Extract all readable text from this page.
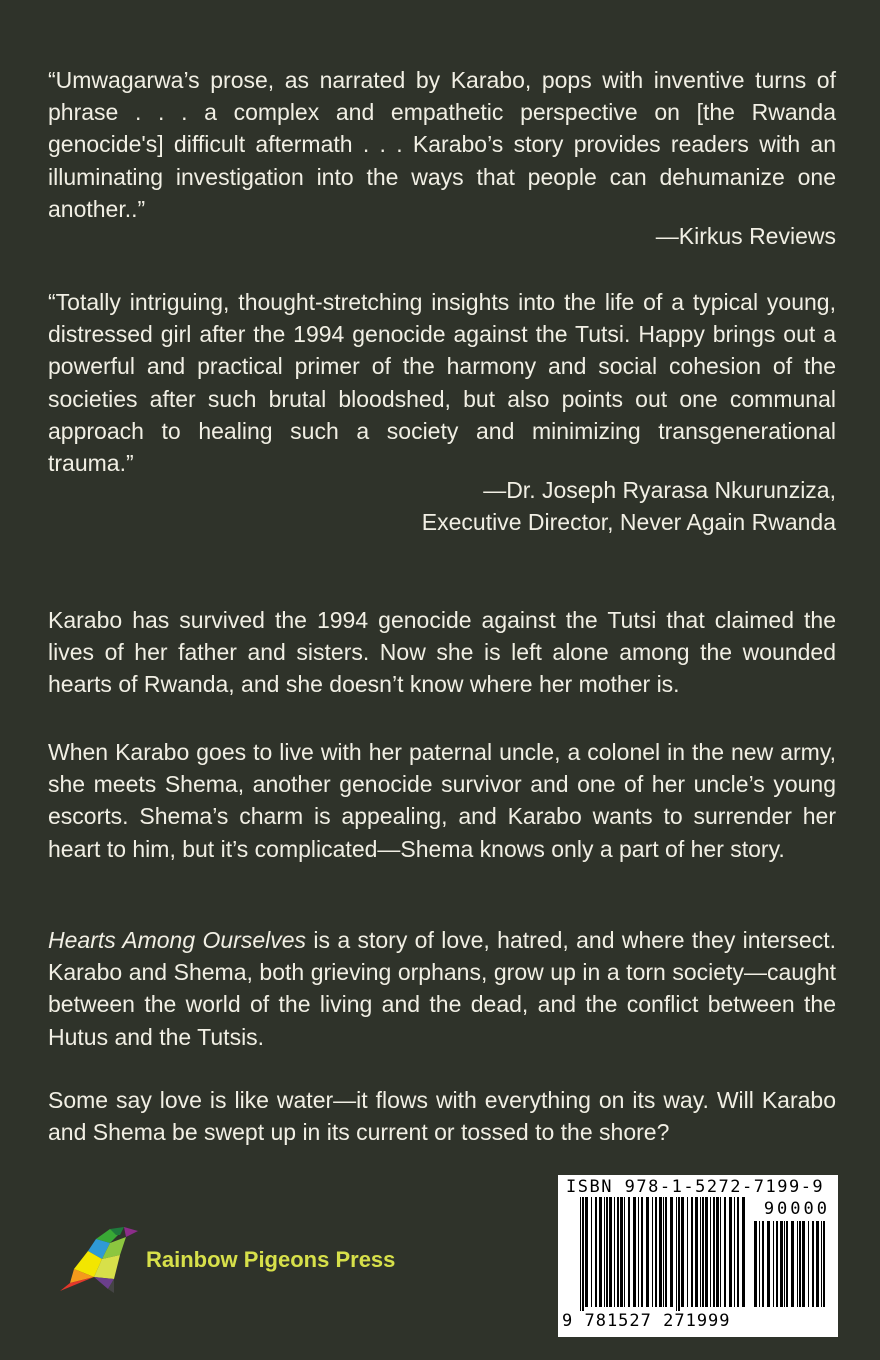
“Umwagarwa’s prose, as narrated by Karabo, pops with inventive turns of phrase . . . a complex and empathetic perspective on [the Rwanda genocide's] difficult aftermath . . . Karabo’s story provides readers with an illuminating investigation into the ways that people can dehumanize one another..”

—Kirkus Reviews

“Totally intriguing, thought-stretching insights into the life of a typical young, distressed girl after the 1994 genocide against the Tutsi. Happy brings out a powerful and practical primer of the harmony and social cohesion of the societies after such brutal bloodshed, but also points out one communal approach to healing such a society and minimizing transgenerational trauma.”

—Dr. Joseph Ryarasa Nkurunziza,
Executive Director, Never Again Rwanda

Karabo has survived the 1994 genocide against the Tutsi that claimed the lives of her father and sisters. Now she is left alone among the wounded hearts of Rwanda, and she doesn’t know where her mother is.

When Karabo goes to live with her paternal uncle, a colonel in the new army, she meets Shema, another genocide survivor and one of her uncle’s young escorts. Shema’s charm is appealing, and Karabo wants to surrender her heart to him, but it’s complicated—Shema knows only a part of her story.

Hearts Among Ourselves is a story of love, hatred, and where they intersect. Karabo and Shema, both grieving orphans, grow up in a torn society—caught between the world of the living and the dead, and the conflict between the Hutus and the Tutsis.

Some say love is like water—it flows with everything on its way. Will Karabo and Shema be swept up in its current or tossed to the shore?

Rainbow Pigeons Press
ISBN 978-1-5272-7199-9
90000
9 781527 271999
